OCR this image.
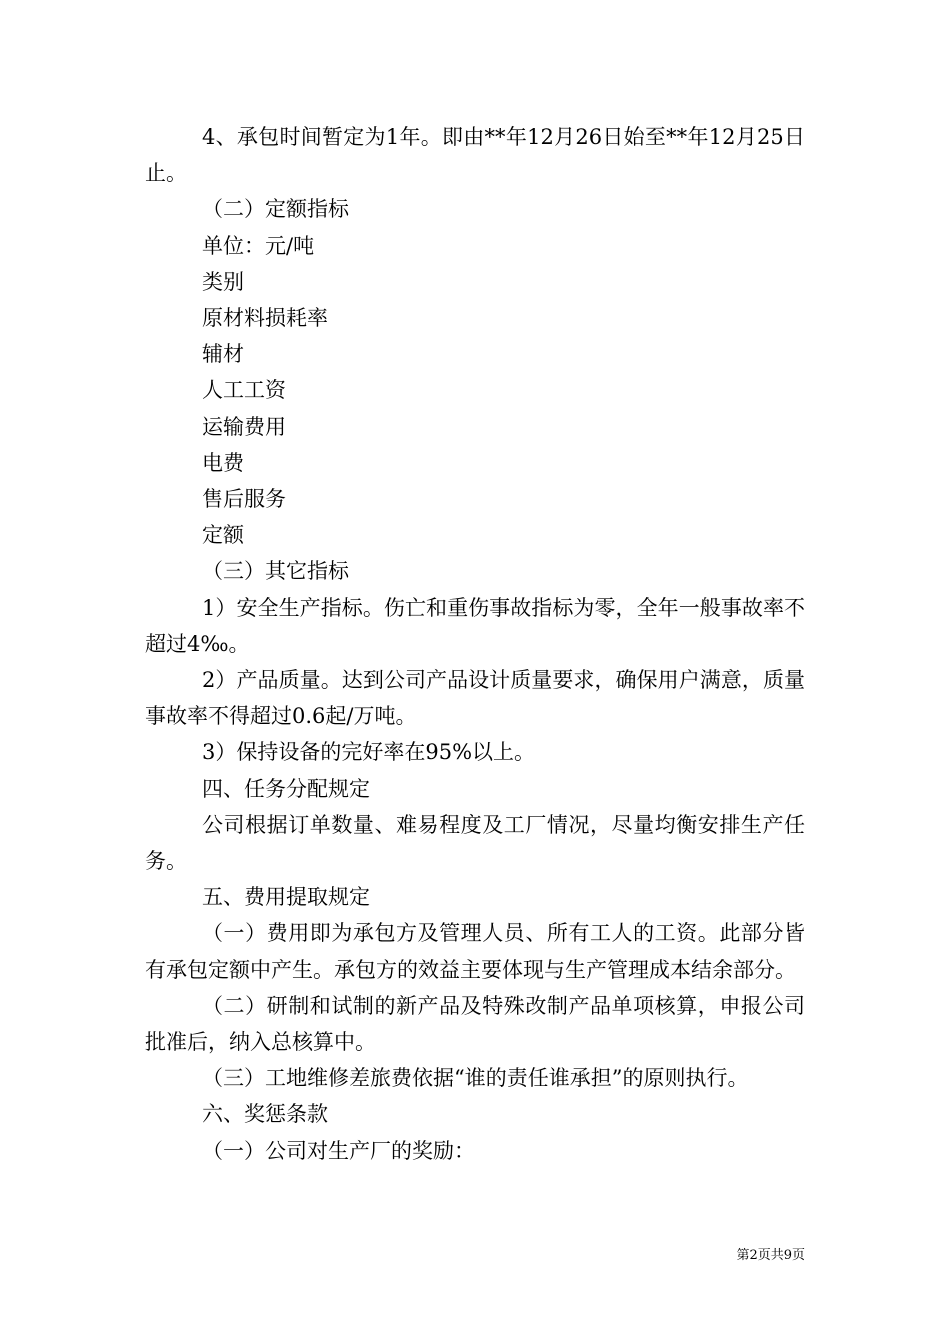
4、承包时间暂定为1年。即由**年12月26日始至**年12月25日止。

（二）定额指标

单位：元/吨

类别

原材料损耗率

辅材

人工工资

运输费用

电费

售后服务

定额

（三）其它指标

1）安全生产指标。伤亡和重伤事故指标为零，全年一般事故率不超过4‰。

2）产品质量。达到公司产品设计质量要求，确保用户满意，质量事故率不得超过0.6起/万吨。

3）保持设备的完好率在95%以上。

四、任务分配规定

公司根据订单数量、难易程度及工厂情况，尽量均衡安排生产任务。

五、费用提取规定

（一）费用即为承包方及管理人员、所有工人的工资。此部分皆有承包定额中产生。承包方的效益主要体现与生产管理成本结余部分。

（二）研制和试制的新产品及特殊改制产品单项核算，申报公司批准后，纳入总核算中。

（三）工地维修差旅费依据“谁的责任谁承担”的原则执行。

六、奖惩条款

（一）公司对生产厂的奖励：

第2页共9页
